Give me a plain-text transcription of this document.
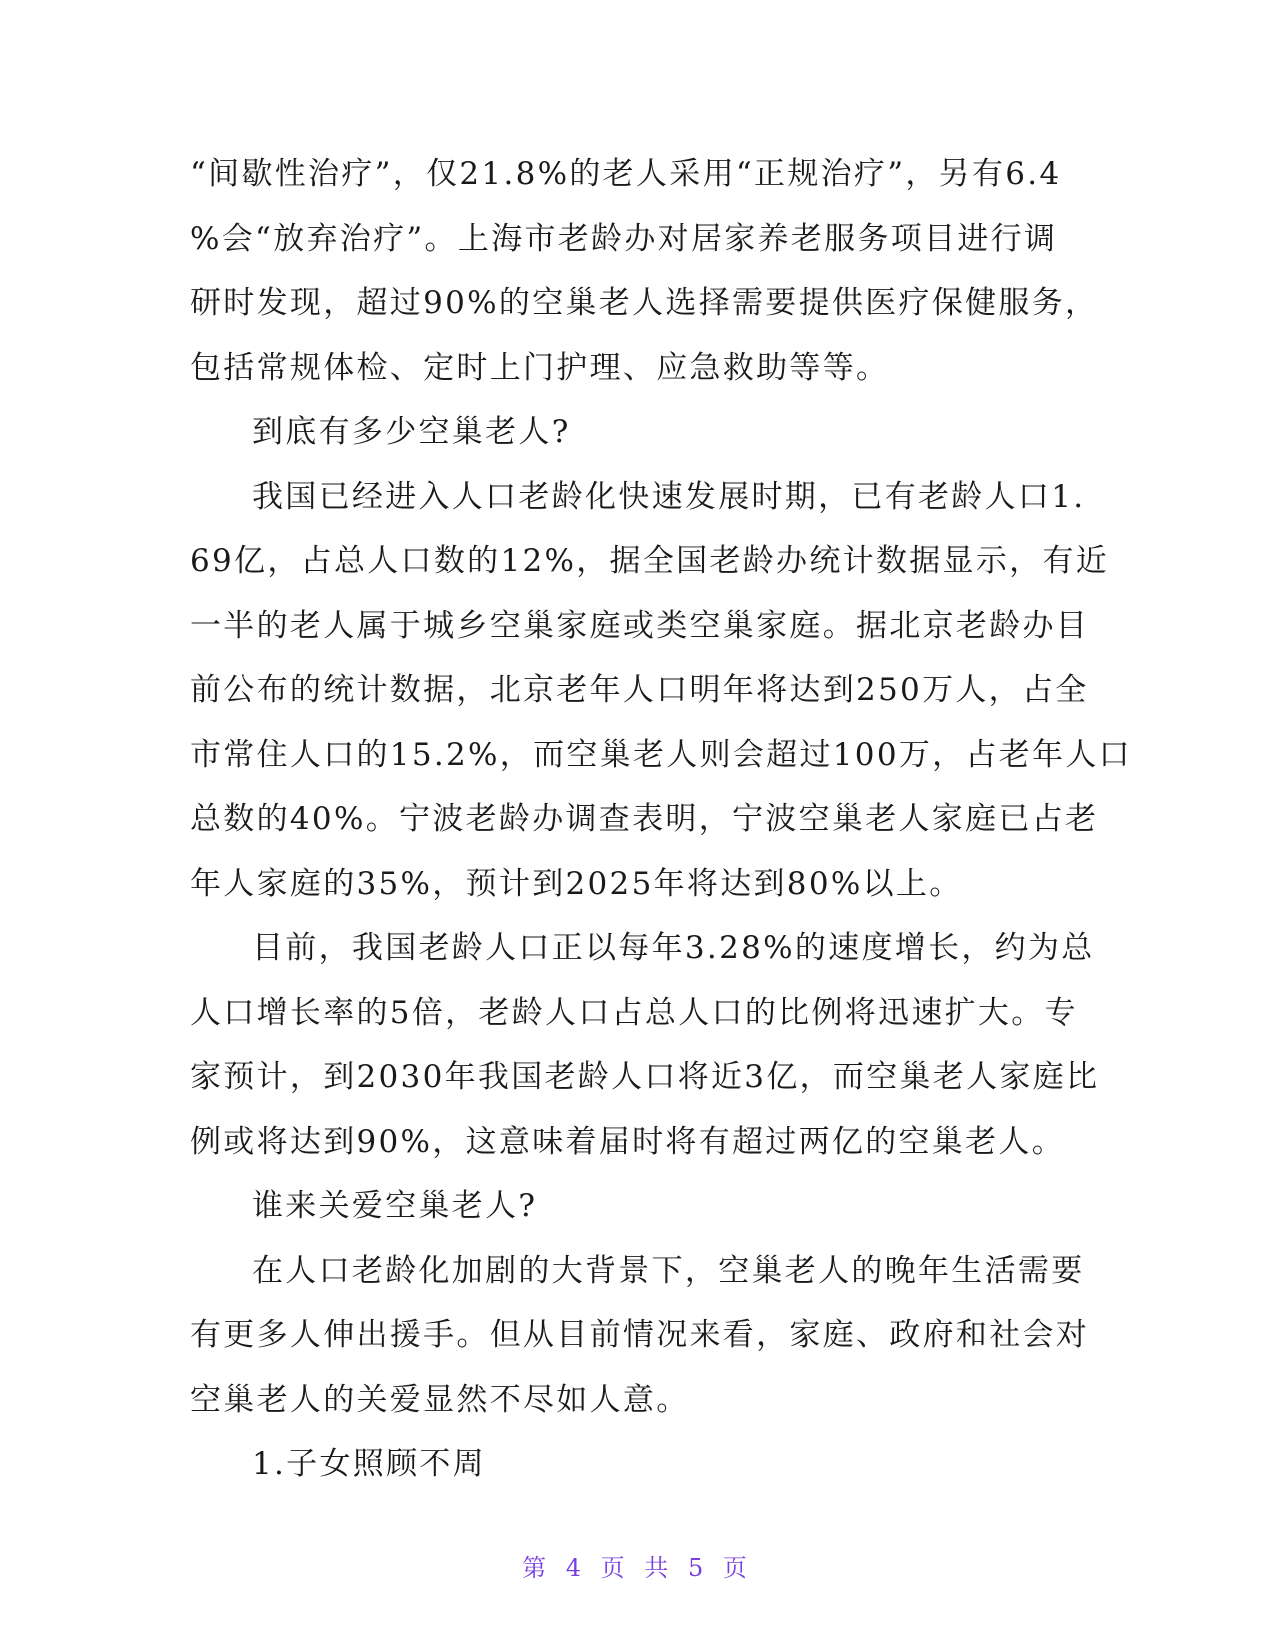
“间歇性治疗”，仅21.8%的老人采用“正规治疗”，另有6.4
%会“放弃治疗”。上海市老龄办对居家养老服务项目进行调
研时发现，超过90%的空巢老人选择需要提供医疗保健服务，
包括常规体检、定时上门护理、应急救助等等。
到底有多少空巢老人?
我国已经进入人口老龄化快速发展时期，已有老龄人口1.
69亿，占总人口数的12%，据全国老龄办统计数据显示，有近
一半的老人属于城乡空巢家庭或类空巢家庭。据北京老龄办目
前公布的统计数据，北京老年人口明年将达到250万人，占全
市常住人口的15.2%，而空巢老人则会超过100万，占老年人口
总数的40%。宁波老龄办调查表明，宁波空巢老人家庭已占老
年人家庭的35%，预计到2025年将达到80%以上。
目前，我国老龄人口正以每年3.28%的速度增长，约为总
人口增长率的5倍，老龄人口占总人口的比例将迅速扩大。专
家预计，到2030年我国老龄人口将近3亿，而空巢老人家庭比
例或将达到90%，这意味着届时将有超过两亿的空巢老人。
谁来关爱空巢老人?
在人口老龄化加剧的大背景下，空巢老人的晚年生活需要
有更多人伸出援手。但从目前情况来看，家庭、政府和社会对
空巢老人的关爱显然不尽如人意。
1.子女照顾不周
第 4 页 共 5 页
